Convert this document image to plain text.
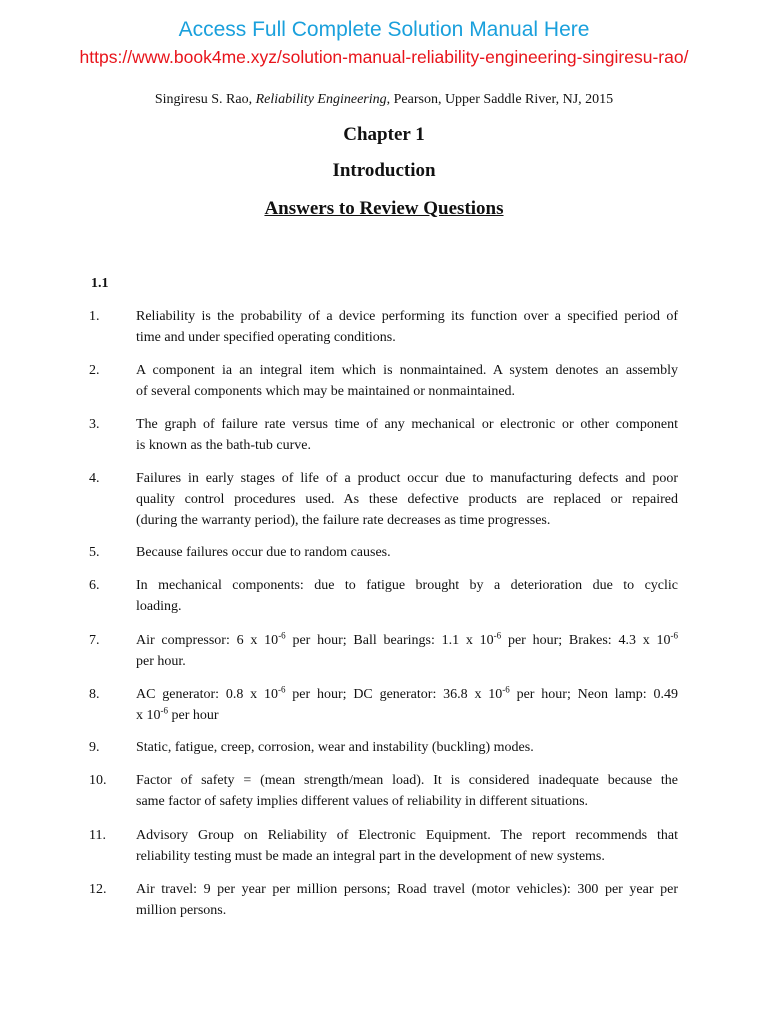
Access Full Complete Solution Manual Here
https://www.book4me.xyz/solution-manual-reliability-engineering-singiresu-rao/
Singiresu S. Rao, Reliability Engineering, Pearson, Upper Saddle River, NJ, 2015
Chapter 1
Introduction
Answers to Review Questions
1.1
1.	Reliability is the probability of a device performing its function over a specified period of
time and under specified operating conditions.
2.	A component ia an integral item which is nonmaintained. A system denotes an assembly
of several components which may be maintained or nonmaintained.
3.	The graph of failure rate versus time of any mechanical or electronic or other component
is known as the bath-tub curve.
4.	Failures in early stages of life of a product occur due to manufacturing defects and poor
quality control procedures used. As these defective products are replaced or repaired
(during the warranty period), the failure rate decreases as time progresses.
5.	Because failures occur due to random causes.
6.	In mechanical components: due to fatigue brought by a deterioration due to cyclic
loading.
7.	Air compressor: 6 x $10^{-6}$ per hour; Ball bearings: 1.1 x $10^{-6}$ per hour; Brakes: 4.3 x $10^{-6}$
per hour.
8.	AC generator: 0.8 x $10^{-6}$ per hour; DC generator: 36.8 x $10^{-6}$ per hour; Neon lamp: 0.49
x $10^{-6}$ per hour
9.	Static, fatigue, creep, corrosion, wear and instability (buckling) modes.
10. Factor of safety = (mean strength/mean load). It is considered inadequate because the
same factor of safety implies different values of reliability in different situations.
11. Advisory Group on Reliability of Electronic Equipment. The report recommends that
reliability testing must be made an integral part in the development of new systems.
12. Air travel: 9 per year per million persons; Road travel (motor vehicles): 300 per year per
million persons.
